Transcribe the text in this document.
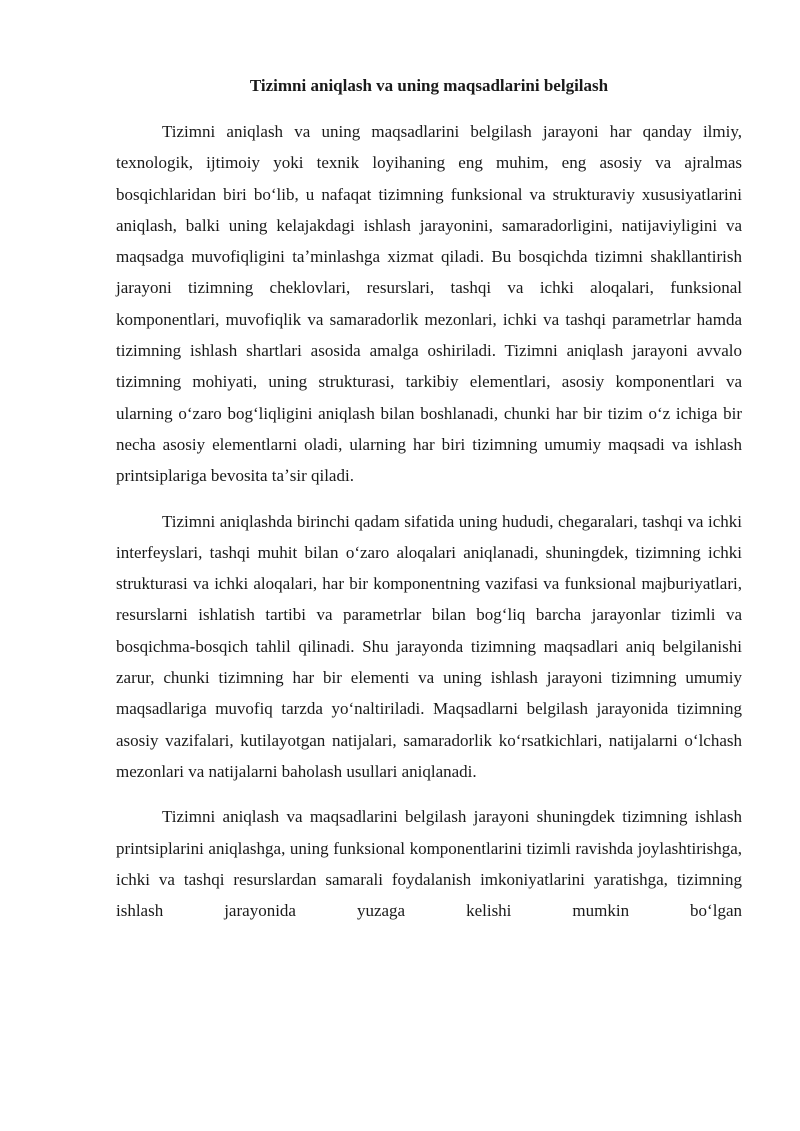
Tizimni aniqlash va uning maqsadlarini belgilash

Tizimni aniqlash va uning maqsadlarini belgilash jarayoni har qanday ilmiy, texnologik, ijtimoiy yoki texnik loyihaning eng muhim, eng asosiy va ajralmas bosqichlaridan biri boʻlib, u nafaqat tizimning funksional va strukturaviy xususiyatlarini aniqlash, balki uning kelajakdagi ishlash jarayonini, samaradorligini, natijaviyligini va maqsadga muvofiqligini taʼminlashga xizmat qiladi. Bu bosqichda tizimni shakllantirish jarayoni tizimning cheklovlari, resurslari, tashqi va ichki aloqalari, funksional komponentlari, muvofiqlik va samaradorlik mezonlari, ichki va tashqi parametrlar hamda tizimning ishlash shartlari asosida amalga oshiriladi. Tizimni aniqlash jarayoni avvalo tizimning mohiyati, uning strukturasi, tarkibiy elementlari, asosiy komponentlari va ularning oʻzaro bogʻliqligini aniqlash bilan boshlanadi, chunki har bir tizim oʻz ichiga bir necha asosiy elementlarni oladi, ularning har biri tizimning umumiy maqsadi va ishlash printsiplariga bevosita taʼsir qiladi.

Tizimni aniqlashda birinchi qadam sifatida uning hududi, chegaralari, tashqi va ichki interfeyslari, tashqi muhit bilan oʻzaro aloqalari aniqlanadi, shuningdek, tizimning ichki strukturasi va ichki aloqalari, har bir komponentning vazifasi va funksional majburiyatlari, resurslarni ishlatish tartibi va parametrlar bilan bogʻliq barcha jarayonlar tizimli va bosqichma-bosqich tahlil qilinadi. Shu jarayonda tizimning maqsadlari aniq belgilanishi zarur, chunki tizimning har bir elementi va uning ishlash jarayoni tizimning umumiy maqsadlariga muvofiq tarzda yoʻnaltiriladi. Maqsadlarni belgilash jarayonida tizimning asosiy vazifalari, kutilayotgan natijalari, samaradorlik koʻrsatkichlari, natijalarni oʻlchash mezonlari va natijalarni baholash usullari aniqlanadi.

Tizimni aniqlash va maqsadlarini belgilash jarayoni shuningdek tizimning ishlash printsiplarini aniqlashga, uning funksional komponentlarini tizimli ravishda joylashtirishga, ichki va tashqi resurslardan samarali foydalanish imkoniyatlarini yaratishga, tizimning ishlash jarayonida yuzaga kelishi mumkin boʻlgan
